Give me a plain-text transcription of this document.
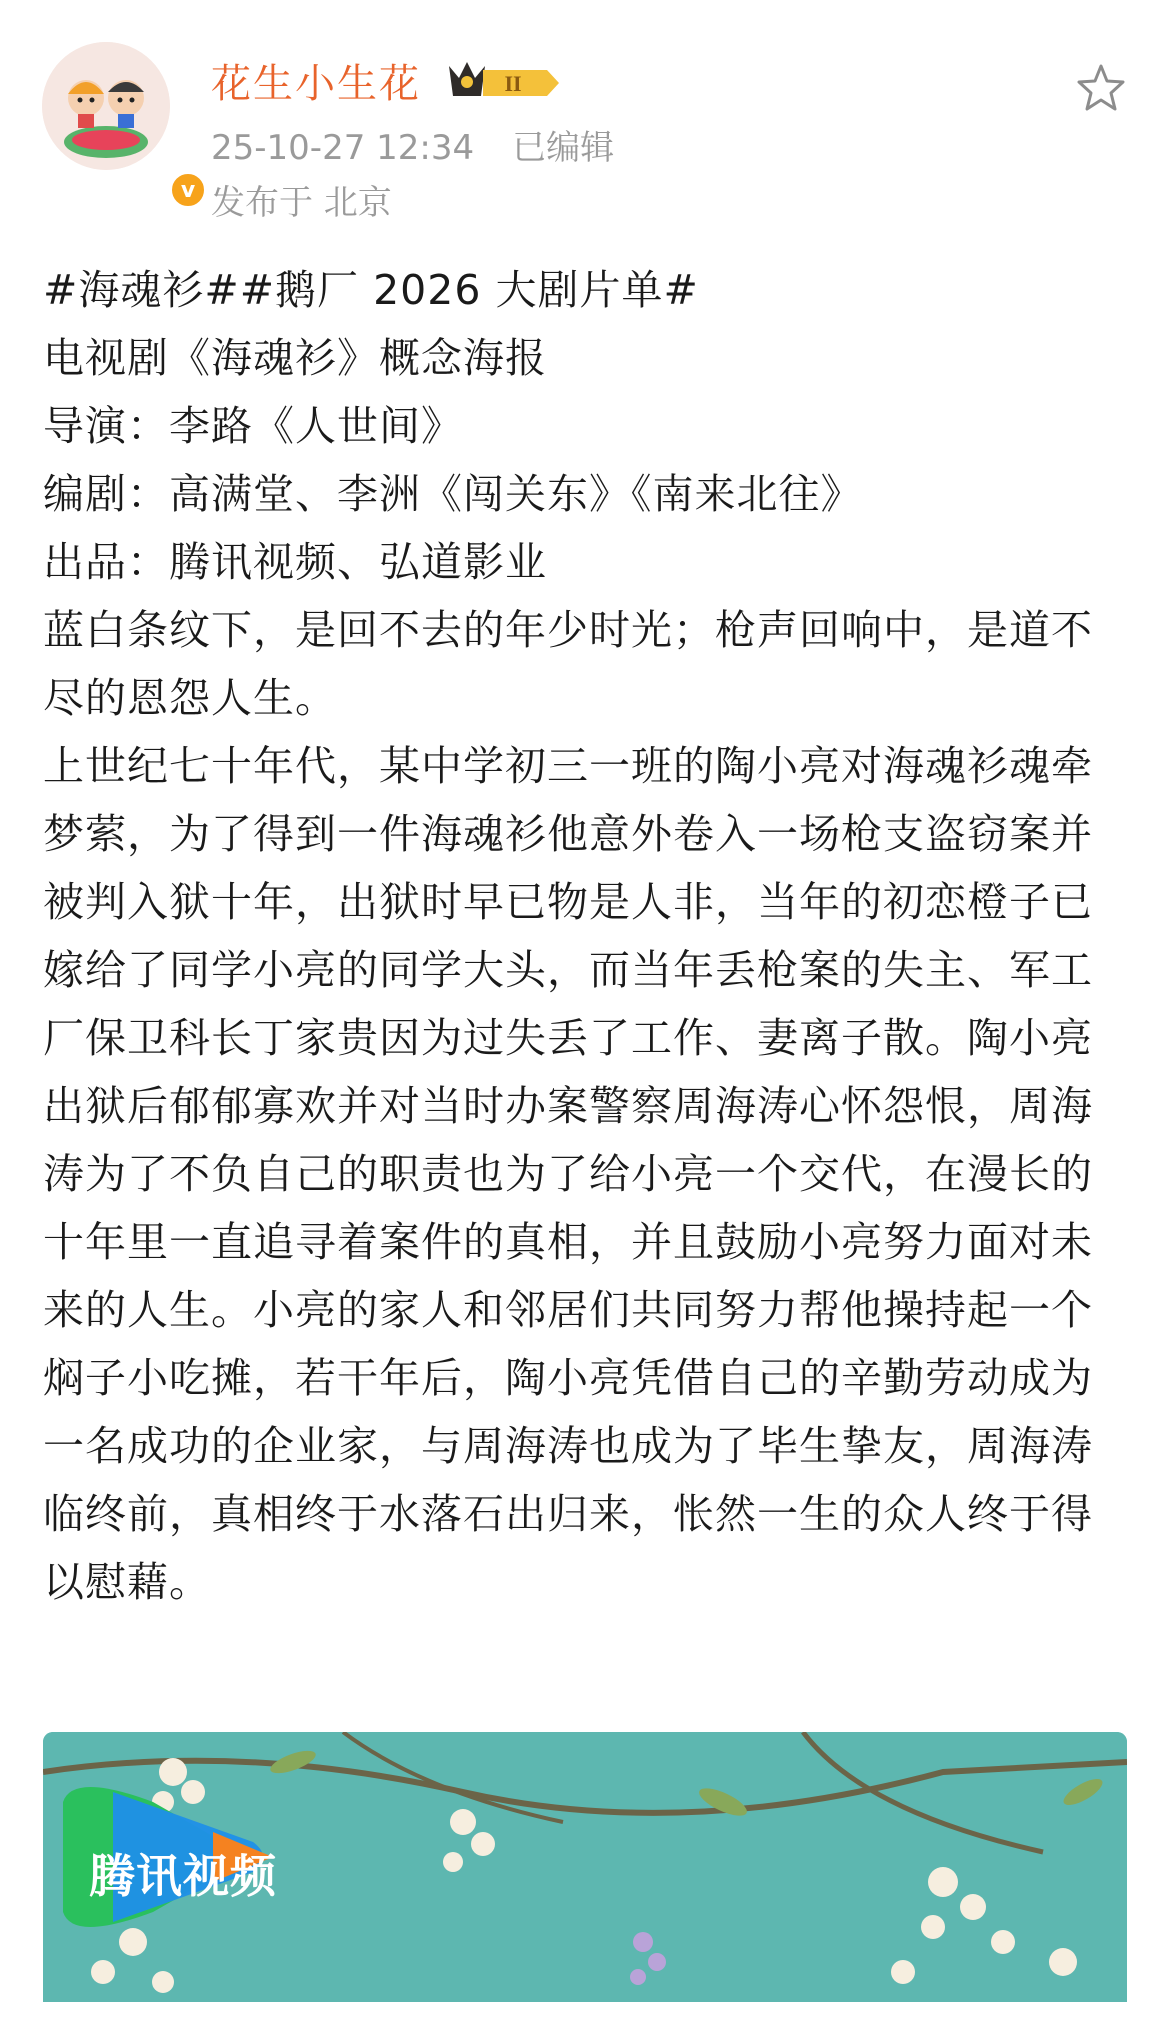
v
花生小生花	II
25-10-27 12:34 已编辑
发布于 北京

#海魂衫##鹅厂 2026 大剧片单#

电视剧《海魂衫》概念海报

导演：李路《人世间》

编剧：高满堂、李洲《闯关东》《南来北往》

出品：腾讯视频、弘道影业

蓝白条纹下，是回不去的年少时光；枪声回响中，是道不尽的恩怨人生。

上世纪七十年代，某中学初三一班的陶小亮对海魂衫魂牵梦萦，为了得到一件海魂衫他意外卷入一场枪支盗窃案并被判入狱十年，出狱时早已物是人非，当年的初恋橙子已嫁给了同学小亮的同学大头，而当年丢枪案的失主、军工厂保卫科长丁家贵因为过失丢了工作、妻离子散。陶小亮出狱后郁郁寡欢并对当时办案警察周海涛心怀怨恨，周海涛为了不负自己的职责也为了给小亮一个交代，在漫长的十年里一直追寻着案件的真相，并且鼓励小亮努力面对未来的人生。小亮的家人和邻居们共同努力帮他操持起一个焖子小吃摊，若干年后，陶小亮凭借自己的辛勤劳动成为一名成功的企业家，与周海涛也成为了毕生挚友，周海涛临终前，真相终于水落石出归来，怅然一生的众人终于得以慰藉。

腾讯视频
